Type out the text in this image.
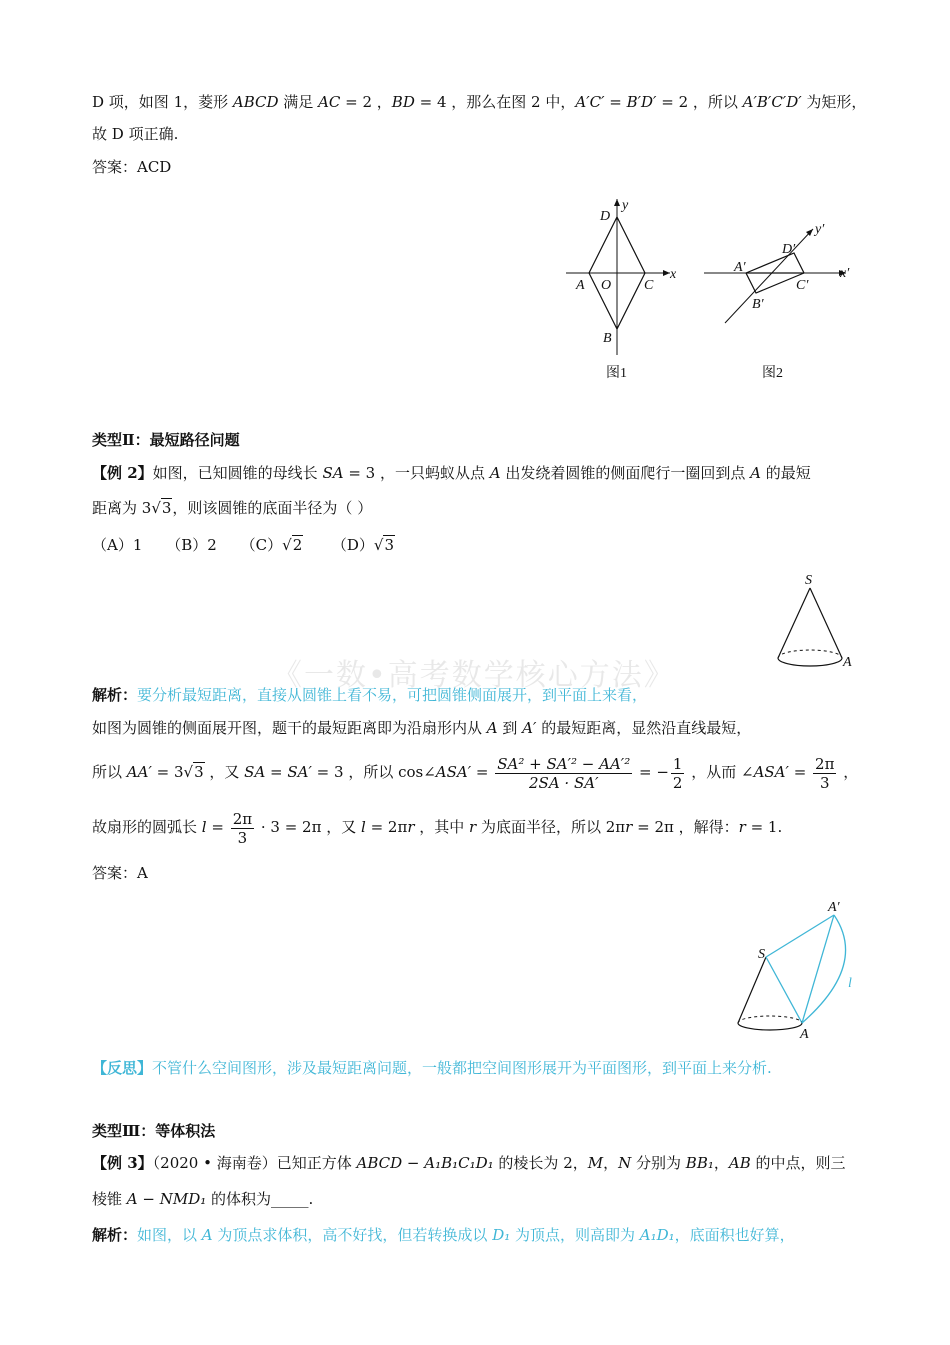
D 项，如图 1，菱形 ABCD 满足 AC = 2 ，BD = 4 ，那么在图 2 中，A′C′ = B′D′ = 2 ，所以 A′B′C′D′ 为矩形，
故 D 项正确.
答案：ACD
D
y
A O C
x
B
图1
D′
y′
A′	x′
C′
B′
图2
类型Ⅱ：最短路径问题
【例 2】如图，已知圆锥的母线长 SA = 3 ，一只蚂蚁从点 A 出发绕着圆锥的侧面爬行一圈回到点 A 的最短
距离为 3√3，则该圆锥的底面半径为（ ）
（A）1 （B）2 （C）√2 （D）√3
S
A
《一数•高考数学核心方法》
解析：要分析最短距离，直接从圆锥上看不易，可把圆锥侧面展开，到平面上来看，
如图为圆锥的侧面展开图，题干的最短距离即为沿扇形内从 A 到 A′ 的最短距离，显然沿直线最短，
所以 AA′ = 3√3 ，又 SA = SA′ = 3 ，所以 cos∠ASA′ = $\frac{\text{SA² + SA′² − AA′²}}{2SA \cdot SA'}$ = − $\frac{1}{2}$ ，从而 ∠ASA′ = $\frac{2\pi}{3}$ ，
故扇形的圆弧长 $l = \frac{2\pi}{3} \cdot 3 = 2\pi$ ，又 l = 2πr ，其中 r 为底面半径，所以 2πr = 2π ，解得：r = 1.
答案：A
A′
S
l
A
【反思】不管什么空间图形，涉及最短距离问题，一般都把空间图形展开为平面图形，到平面上来分析.
类型Ⅲ：等体积法
【例 3】（2020 • 海南卷）已知正方体 ABCD − A₁B₁C₁D₁ 的棱长为 2，M，N 分别为 BB₁，AB 的中点，则三
棱锥 A − NMD₁ 的体积为_____.
解析：如图，以 A 为顶点求体积，高不好找，但若转换成以 D₁ 为顶点，则高即为 A₁D₁，底面积也好算，
